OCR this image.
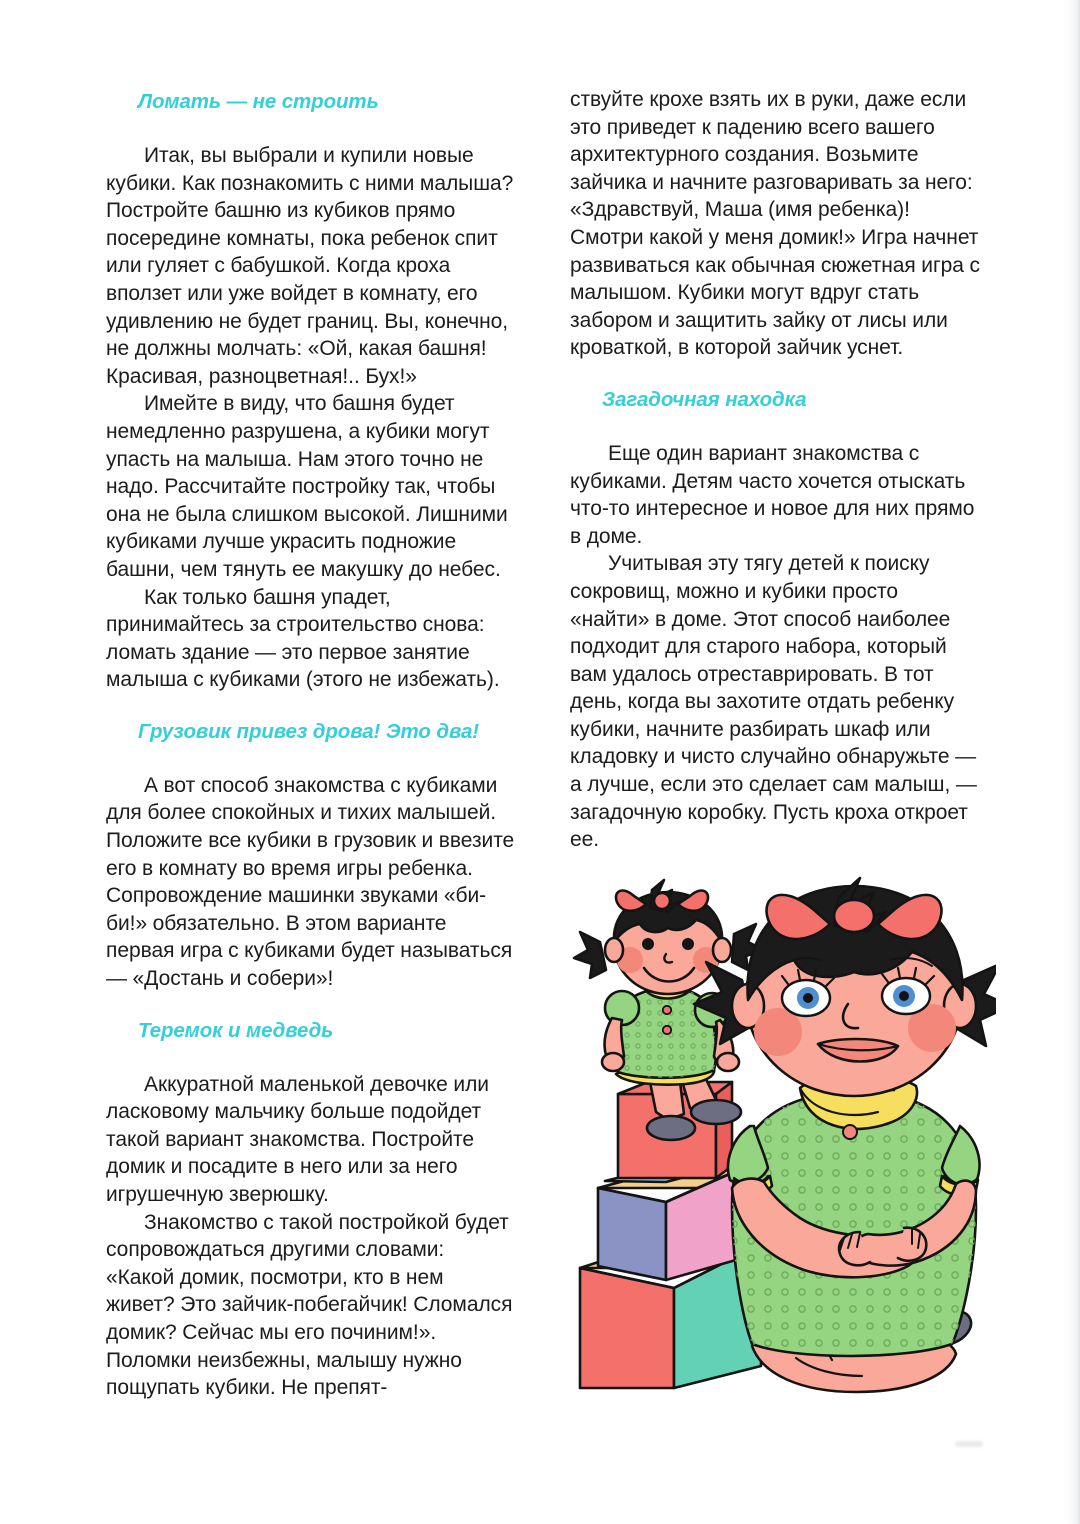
Ломать — не строить

Итак, вы выбрали и купили новые кубики. Как познакомить с ними малыша? Постройте башню из кубиков прямо посередине комнаты, пока ребенок спит или гуляет с бабушкой. Когда кроха вползет или уже войдет в комнату, его удивлению не будет границ. Вы, конечно, не должны молчать: «Ой, какая башня! Красивая, разноцветная!.. Бух!»

Имейте в виду, что башня будет немедленно разрушена, а кубики могут упасть на малыша. Нам этого точно не надо. Рассчитайте постройку так, чтобы она не была слишком высокой. Лишними кубиками лучше украсить подножие башни, чем тянуть ее макушку до небес.

Как только башня упадет, принимайтесь за строительство снова: ломать здание — это первое занятие малыша с кубиками (этого не избежать).

Грузовик привез дрова! Это два!

А вот способ знакомства с кубиками для более спокойных и тихих малышей. Положите все кубики в грузовик и ввезите его в комнату во время игры ребенка. Сопровождение машинки звуками «би-би!» обязательно. В этом варианте первая игра с кубиками будет называться — «Достань и собери»!

Теремок и медведь

Аккуратной маленькой девочке или ласковому мальчику больше подойдет такой вариант знакомства. Постройте домик и посадите в него или за него игрушечную зверюшку.

Знакомство с такой постройкой будет сопровождаться другими словами: «Какой домик, посмотри, кто в нем живет? Это зайчик-побегайчик! Сломался домик? Сейчас мы его починим!». Поломки неизбежны, малышу нужно пощупать кубики. Не препят-

ствуйте крохе взять их в руки, даже если это приведет к падению всего вашего архитектурного создания. Возьмите зайчика и начните разговаривать за него: «Здравствуй, Маша (имя ребенка)! Смотри какой у меня домик!» Игра начнет развиваться как обычная сюжетная игра с малышом. Кубики могут вдруг стать забором и защитить зайку от лисы или кроваткой, в которой зайчик уснет.

Загадочная находка

Еще один вариант знакомства с кубиками. Детям часто хочется отыскать что-то интересное и новое для них прямо в доме.

Учитывая эту тягу детей к поиску сокровищ, можно и кубики просто «найти» в доме. Этот способ наиболее подходит для старого набора, который вам удалось отреставрировать. В тот день, когда вы захотите отдать ребенку кубики, начните разбирать шкаф или кладовку и чисто случайно обнаружьте — а лучше, если это сделает сам малыш, — загадочную коробку. Пусть кроха откроет ее.
